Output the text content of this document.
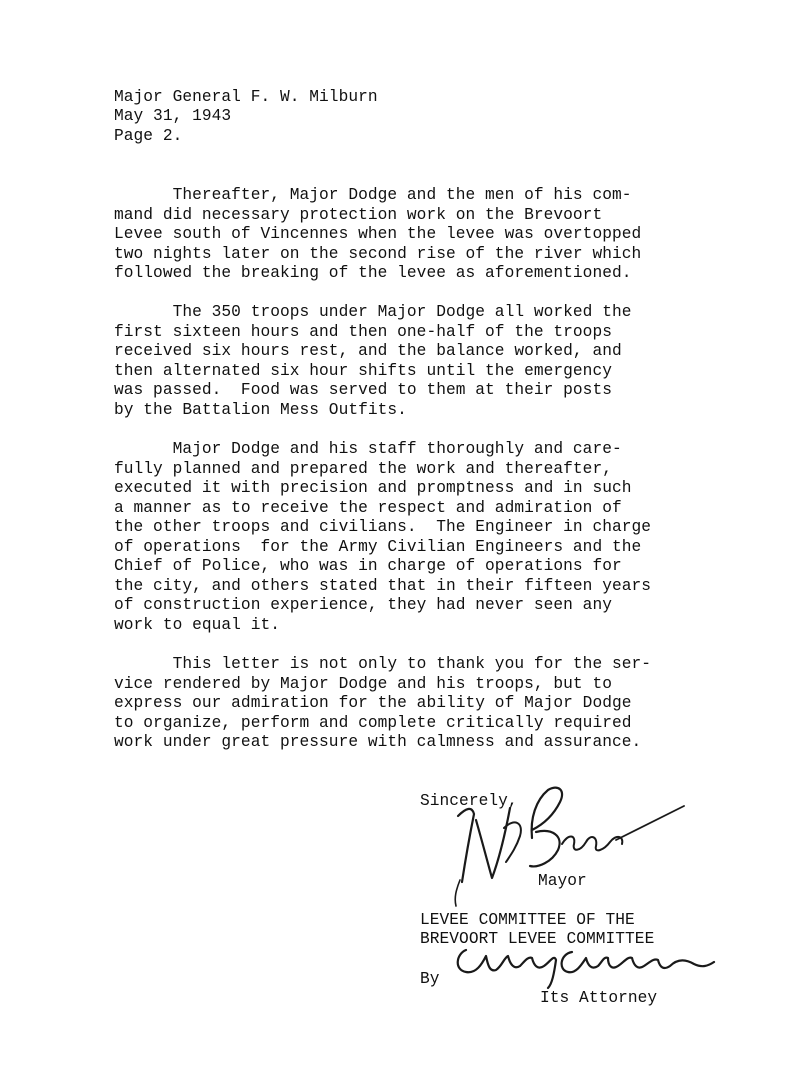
Major General F. W. Milburn

May 31, 1943

Page 2.

Thereafter, Major Dodge and the men of his com-

mand did necessary protection work on the Brevoort

Levee south of Vincennes when the levee was overtopped

two nights later on the second rise of the river which

followed the breaking of the levee as aforementioned.

The 350 troops under Major Dodge all worked the

first sixteen hours and then one-half of the troops

received six hours rest, and the balance worked, and

then alternated six hour shifts until the emergency

was passed.  Food was served to them at their posts

by the Battalion Mess Outfits.

Major Dodge and his staff thoroughly and care-

fully planned and prepared the work and thereafter,

executed it with precision and promptness and in such

a manner as to receive the respect and admiration of

the other troops and civilians.  The Engineer in charge

of operations  for the Army Civilian Engineers and the

Chief of Police, who was in charge of operations for

the city, and others stated that in their fifteen years

of construction experience, they had never seen any

work to equal it.

This letter is not only to thank you for the ser-

vice rendered by Major Dodge and his troops, but to

express our admiration for the ability of Major Dodge

to organize, perform and complete critically required

work under great pressure with calmness and assurance.

Sincerely,

Mayor

LEVEE COMMITTEE OF THE

BREVOORT LEVEE COMMITTEE

By

Its Attorney
